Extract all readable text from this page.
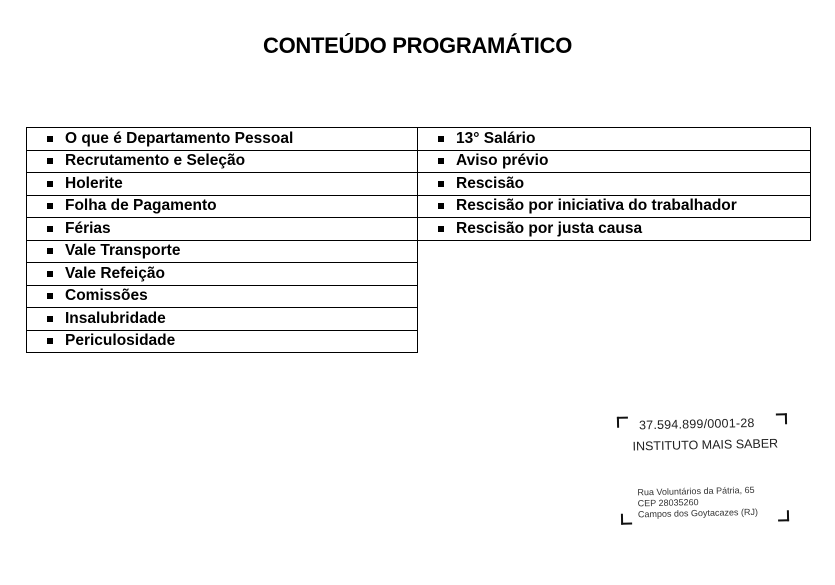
CONTEÚDO PROGRAMÁTICO
O que é Departamento Pessoal
Recrutamento e Seleção
Holerite
Folha de Pagamento
Férias
Vale Transporte
Vale Refeição
Comissões
Insalubridade
Periculosidade
13° Salário
Aviso prévio
Rescisão
Rescisão por iniciativa do trabalhador
Rescisão por justa causa
37.594.899/0001-28
INSTITUTO MAIS SABER
Rua Voluntários da Pátria, 65
CEP 28035260
Campos dos Goytacazes (RJ)
